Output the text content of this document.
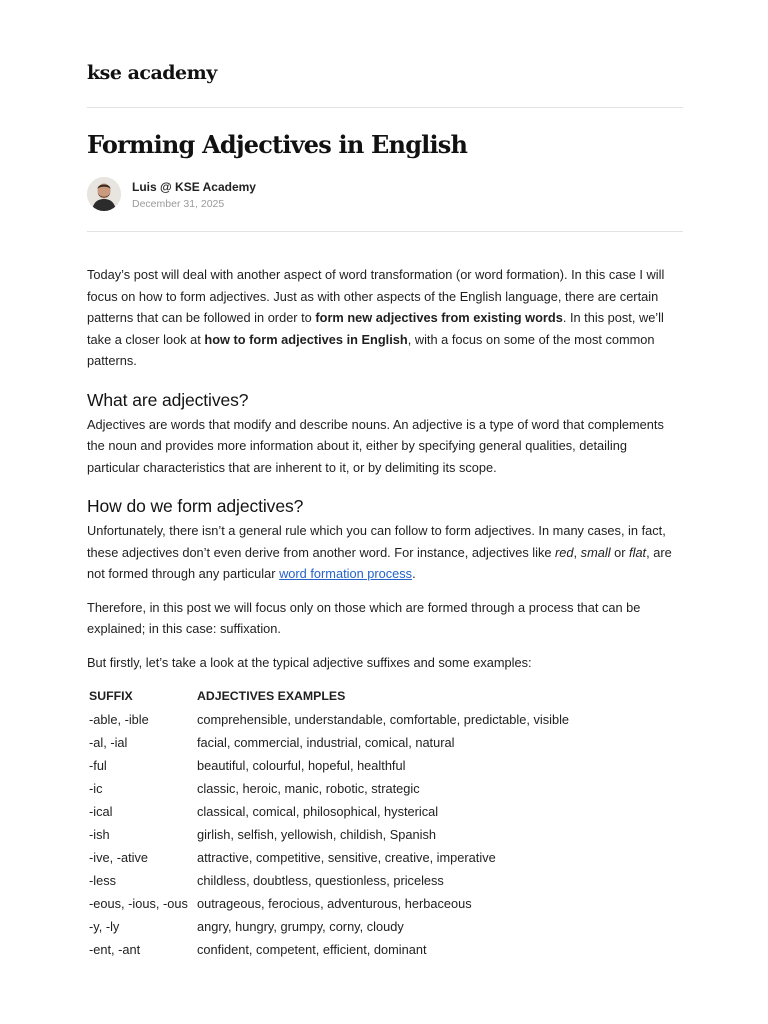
kse academy
Forming Adjectives in English
Luis @ KSE Academy
December 31, 2025

Today’s post will deal with another aspect of word transformation (or word formation). In this case I will focus on how to form adjectives. Just as with other aspects of the English language, there are certain patterns that can be followed in order to form new adjectives from existing words. In this post, we’ll take a closer look at how to form adjectives in English, with a focus on some of the most common patterns.

What are adjectives?

Adjectives are words that modify and describe nouns. An adjective is a type of word that complements the noun and provides more information about it, either by specifying general qualities, detailing particular characteristics that are inherent to it, or by delimiting its scope.

How do we form adjectives?

Unfortunately, there isn’t a general rule which you can follow to form adjectives. In many cases, in fact, these adjectives don’t even derive from another word. For instance, adjectives like red, small or flat, are not formed through any particular word formation process.

Therefore, in this post we will focus only on those which are formed through a process that can be explained; in this case: suffixation.

But firstly, let’s take a look at the typical adjective suffixes and some examples:

SUFFIX	ADJECTIVES EXAMPLES
-able, -ible	comprehensible, understandable, comfortable, predictable, visible
-al, -ial	facial, commercial, industrial, comical, natural
-ful	beautiful, colourful, hopeful, healthful
-ic	classic, heroic, manic, robotic, strategic
-ical	classical, comical, philosophical, hysterical
-ish	girlish, selfish, yellowish, childish, Spanish
-ive, -ative	attractive, competitive, sensitive, creative, imperative
-less	childless, doubtless, questionless, priceless
-eous, -ious, -ous	outrageous, ferocious, adventurous, herbaceous
-y, -ly	angry, hungry, grumpy, corny, cloudy
-ent, -ant	confident, competent, efficient, dominant
